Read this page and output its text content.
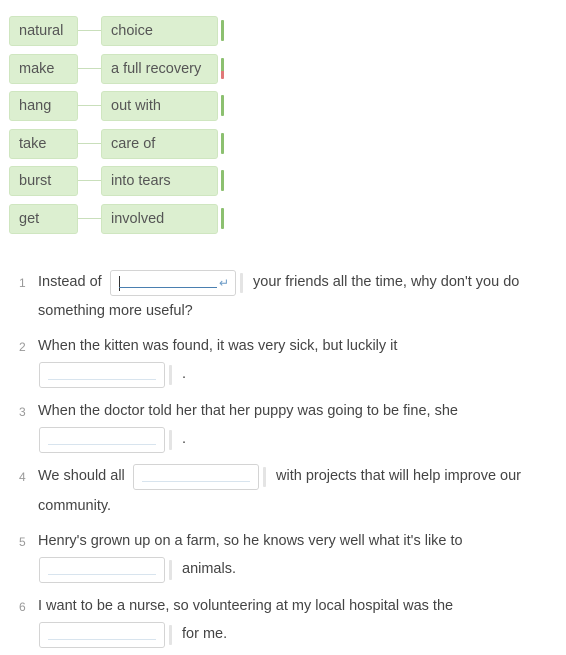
natural	choice
make	a full recovery
hang	out with
take	care of
burst	into tears
get	involved
1 Instead of	↵ your friends all the time, why don't you do
something more useful?
2 When the kitten was found, it was very sick, but luckily it
.
3 When the doctor told her that her puppy was going to be fine, she
.
4 We should all	with projects that will help improve our
community.
5 Henry's grown up on a farm, so he knows very well what it's like to
animals.
6 I want to be a nurse, so volunteering at my local hospital was the
for me.
